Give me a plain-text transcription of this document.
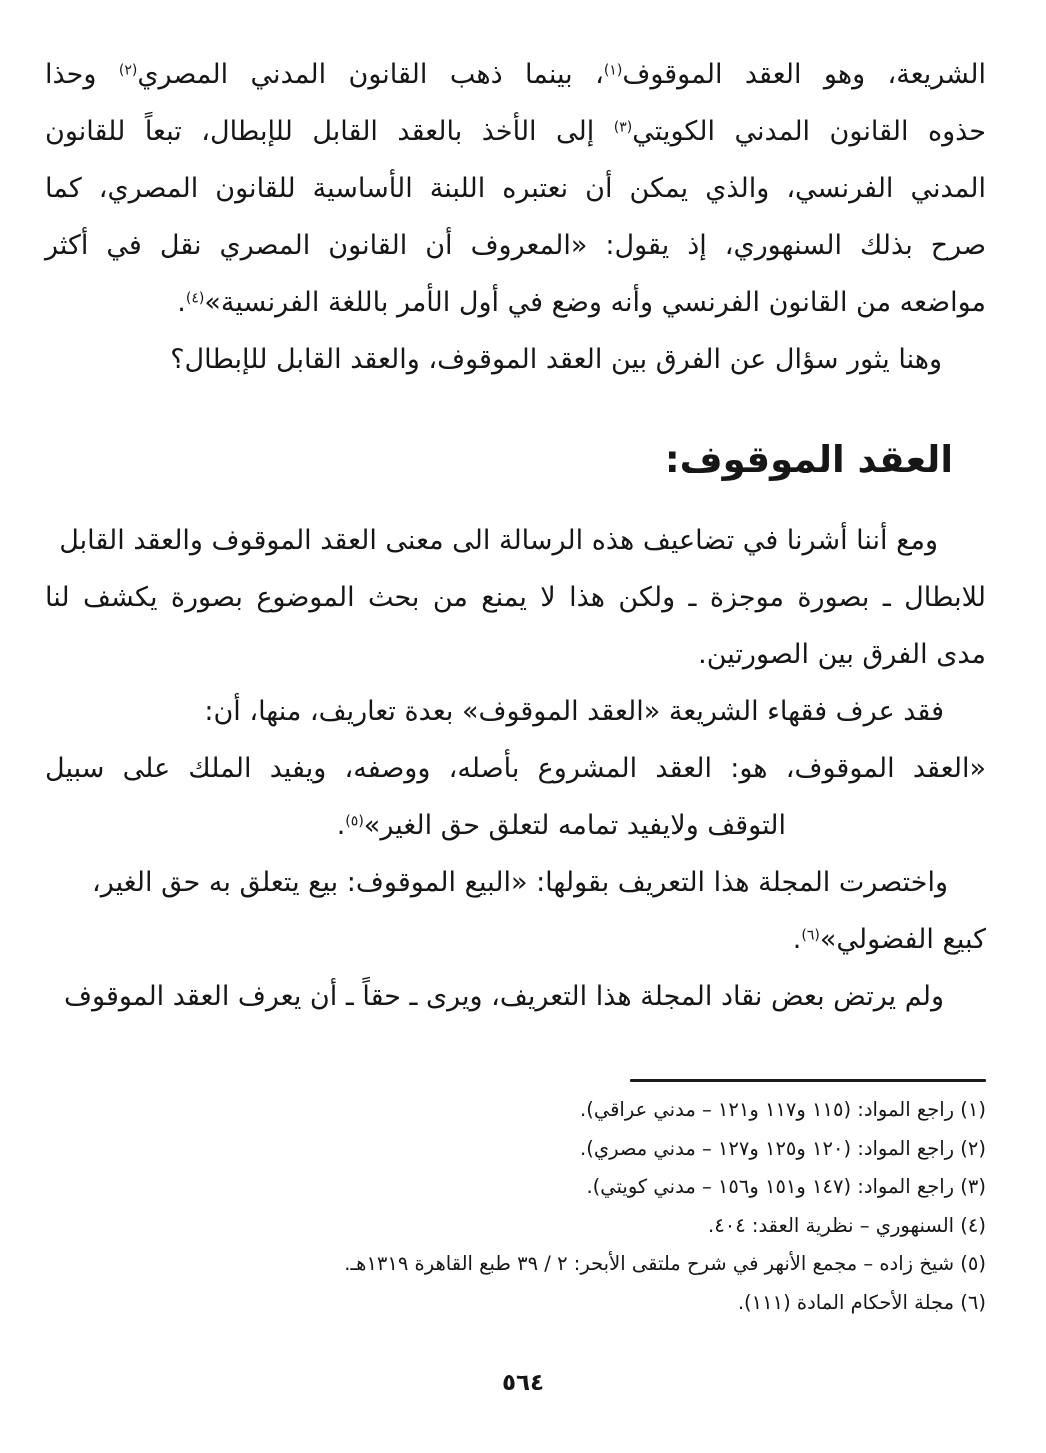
الشريعة، وهو العقد الموقوف$^{(١)}$، بينما ذهب القانون المدني المصري$^{(٢)}$ وحذا
حذوه القانون المدني الكويتي$^{(٣)}$ إلى الأخذ بالعقد القابل للإبطال، تبعاً للقانون
المدني الفرنسي، والذي يمكن أن نعتبره اللبنة الأساسية للقانون المصري، كما
صرح بذلك السنهوري، إذ يقول: «المعروف أن القانون المصري نقل في أكثر
مواضعه من القانون الفرنسي وأنه وضع في أول الأمر باللغة الفرنسية»$^{(٤)}$.
وهنا يثور سؤال عن الفرق بين العقد الموقوف، والعقد القابل للإبطال؟
العقد الموقوف:
ومع أننا أشرنا في تضاعيف هذه الرسالة الى معنى العقد الموقوف والعقد القابل
للابطال ـ بصورة موجزة ـ ولكن هذا لا يمنع من بحث الموضوع بصورة يكشف لنا
مدى الفرق بين الصورتين.
فقد عرف فقهاء الشريعة «العقد الموقوف» بعدة تعاريف، منها، أن:
«العقد الموقوف، هو: العقد المشروع بأصله، ووصفه، ويفيد الملك على سبيل
التوقف ولايفيد تمامه لتعلق حق الغير»$^{(٥)}$.
واختصرت المجلة هذا التعريف بقولها: «البيع الموقوف: بيع يتعلق به حق الغير،
كبيع الفضولي»$^{(٦)}$.
ولم يرتض بعض نقاد المجلة هذا التعريف، ويرى ـ حقاً ـ أن يعرف العقد الموقوف
(١) راجع المواد: (١١٥ و١١٧ و١٢١ – مدني عراقي).
(٢) راجع المواد: (١٢٠ و١٢٥ و١٢٧ – مدني مصري).
(٣) راجع المواد: (١٤٧ و١٥١ و١٥٦ – مدني كويتي).
(٤) السنهوري – نظرية العقد: ٤٠٤.
(٥) شيخ زاده – مجمع الأنهر في شرح ملتقى الأبحر: ٢ / ٣٩ طبع القاهرة ١٣١٩هـ.
(٦) مجلة الأحكام المادة (١١١).
٥٦٤
